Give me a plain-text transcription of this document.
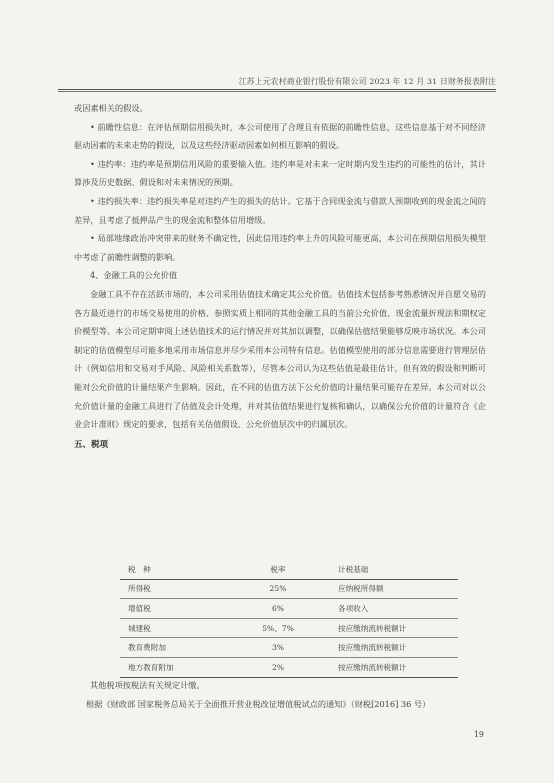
江苏上元农村商业银行股份有限公司 2023 年 12 月 31 日财务报表附注

或因素相关的假设。

• 前瞻性信息：在评估预期信用损失时，本公司使用了合理且有依据的前瞻性信息，这些信息基于对不同经济驱动因素的未来走势的假设，以及这些经济驱动因素如何相互影响的假设。

• 违约率：违约率是预期信用风险的重要输入值。违约率是对未来一定时期内发生违约的可能性的估计，其计算涉及历史数据、假设和对未来情况的预期。

• 违约损失率：违约损失率是对违约产生的损失的估计。它基于合同现金流与借款人预期收到的现金流之间的差异，且考虑了抵押品产生的现金流和整体信用增级。

• 局部地缘政治冲突带来的财务不确定性，因此信用违约率上升的风险可能更高，本公司在预期信用损失模型中考虑了前瞻性调整的影响。

4、金融工具的公允价值

金融工具不存在活跃市场的，本公司采用估值技术确定其公允价值。估值技术包括参考熟悉情况并自愿交易的各方最近进行的市场交易使用的价格、参照实质上相同的其他金融工具的当前公允价值、现金流量折现法和期权定价模型等。本公司定期审阅上述估值技术的运行情况并对其加以调整，以确保估值结果能够反映市场状况。本公司制定的估值模型尽可能多地采用市场信息并尽少采用本公司特有信息。估值模型使用的部分信息需要进行管理层估计（例如信用和交易对手风险、风险相关系数等），尽管本公司认为这些估值是最佳估计，但有效的假设和判断可能对公允价值的计量结果产生影响。因此，在不同的估值方法下公允价值的计量结果可能存在差异。本公司对以公允价值计量的金融工具进行了估值及会计处理，并对其估值结果进行复核和确认，以确保公允价值的计量符合《企业会计准则》规定的要求，包括有关估值假设、公允价值层次中的归属层次。

五、税项

税　种	税率	计税基础
所得税	25%	应纳税所得额
增值税	6%	各项收入
城建税	5%、7%	按应缴纳流转税额计
教育费附加	3%	按应缴纳流转税额计
地方教育附加	2%	按应缴纳流转税额计

其他税项按税法有关规定计缴。

根据《财政部 国家税务总局关于全面推开营业税改征增值税试点的通知》（财税[2016] 36 号）

19
